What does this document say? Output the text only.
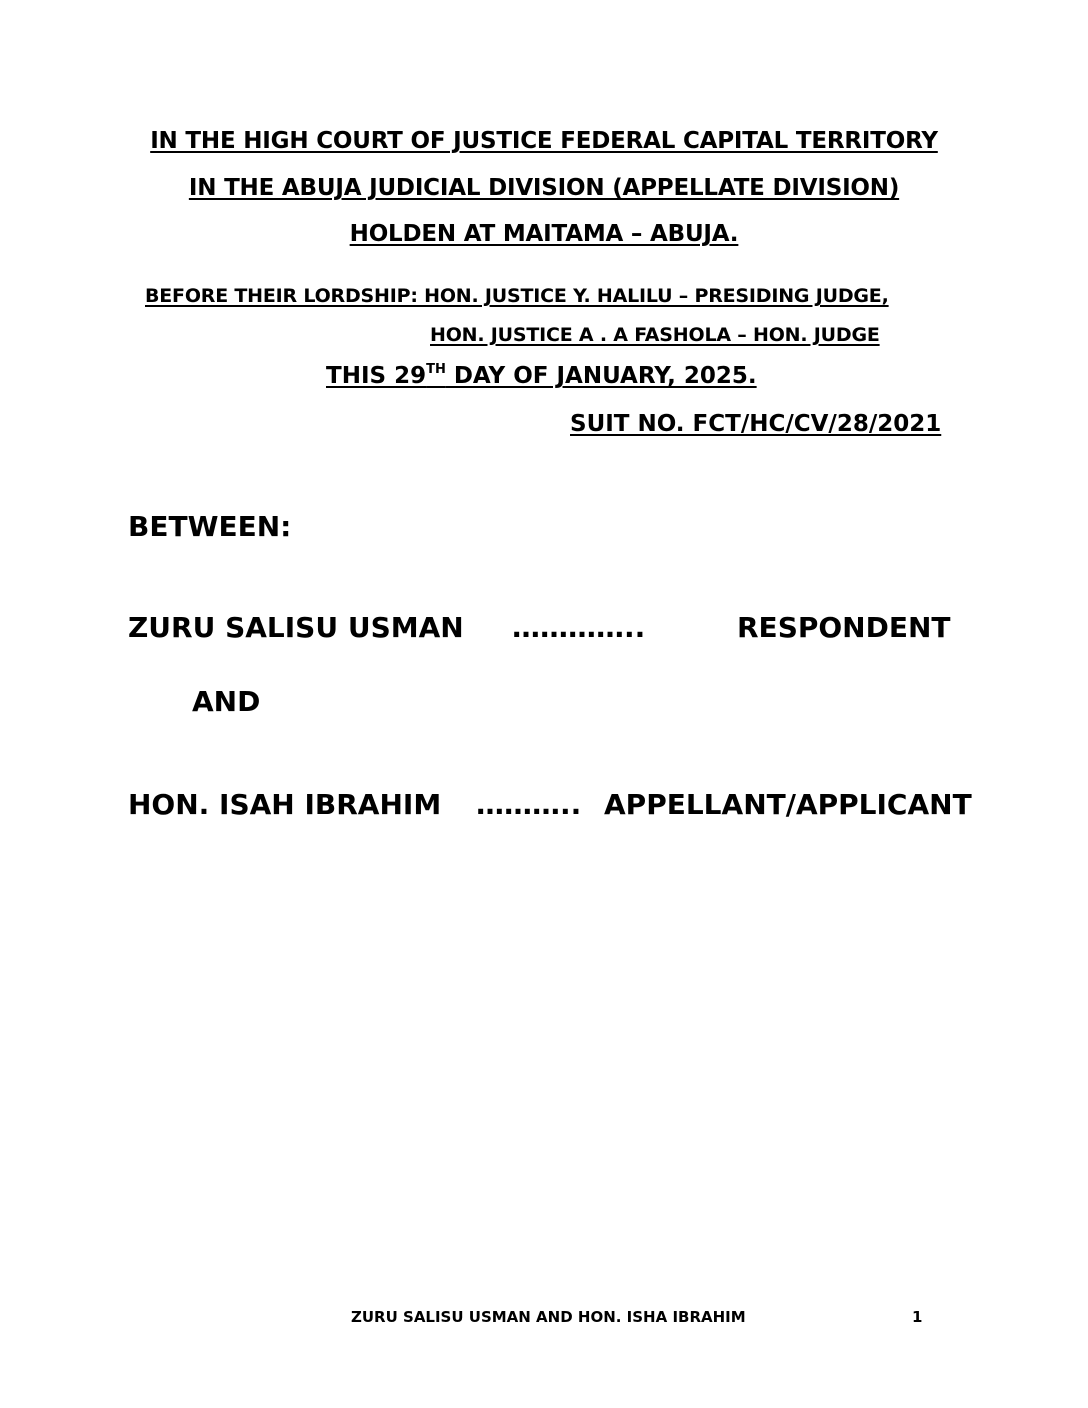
IN THE HIGH COURT OF JUSTICE FEDERAL CAPITAL TERRITORY
IN THE ABUJA JUDICIAL DIVISION (APPELLATE DIVISION)
HOLDEN AT MAITAMA – ABUJA.
BEFORE THEIR LORDSHIP: HON. JUSTICE Y. HALILU – PRESIDING JUDGE,
HON. JUSTICE A . A FASHOLA – HON. JUDGE
THIS 29TH DAY OF JANUARY, 2025.
SUIT NO. FCT/HC/CV/28/2021
BETWEEN:
ZURU SALISU USMAN …………..	RESPONDENT
AND
HON. ISAH IBRAHIM ……….. APPELLANT/APPLICANT
ZURU SALISU USMAN AND HON. ISHA IBRAHIM	1
